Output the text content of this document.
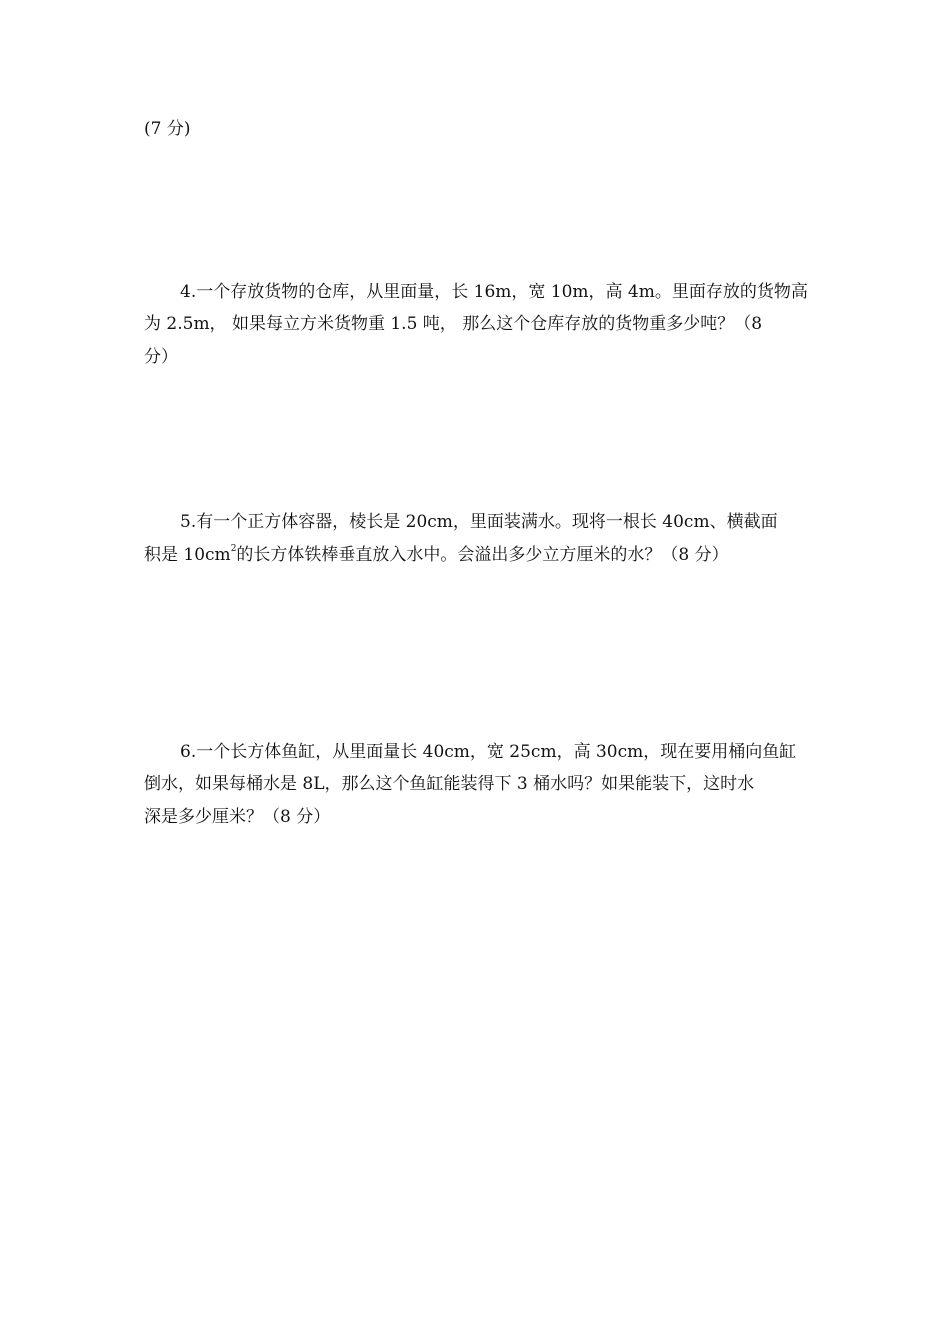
(7 分)
4.一个存放货物的仓库，从里面量，长 16m，宽 10m，高 4m。里面存放的货物高
为 2.5m， 如果每立方米货物重 1.5 吨， 那么这个仓库存放的货物重多少吨？（8
分）
5.有一个正方体容器，棱长是 20cm，里面装满水。现将一根长 40cm、横截面
积是 $10cm^2$的长方体铁棒垂直放入水中。会溢出多少立方厘米的水？（8 分）
6.一个长方体鱼缸，从里面量长 40cm，宽 25cm，高 30cm，现在要用桶向鱼缸
倒水，如果每桶水是 8L，那么这个鱼缸能装得下 3 桶水吗？如果能装下，这时水
深是多少厘米？（8 分）
